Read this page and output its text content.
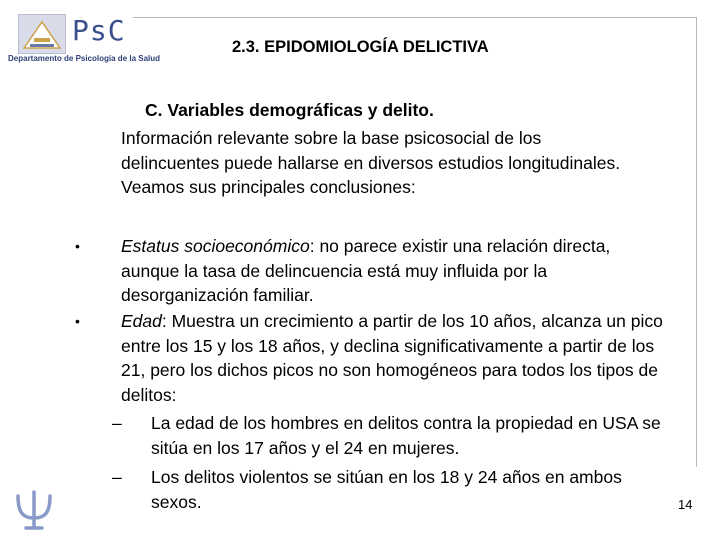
PsC
Departamento de Psicología de la Salud
2.3. EPIDOMIOLOGÍA DELICTIVA
C. Variables demográficas y delito.
Información relevante sobre la base psicosocial de los delincuentes puede hallarse en diversos estudios longitudinales. Veamos sus principales conclusiones:
• Estatus socioeconómico: no parece existir una relación directa, aunque la tasa de delincuencia está muy influida por la desorganización familiar.
• Edad: Muestra un crecimiento a partir de los 10 años, alcanza un pico entre los 15 y los 18 años, y declina significativamente a partir de los 21, pero los dichos picos no son homogéneos para todos los tipos de delitos:
– La edad de los hombres en delitos contra la propiedad en USA se sitúa en los 17 años y el 24 en mujeres.
– Los delitos violentos se sitúan en los 18 y 24 años en ambos sexos.	14
